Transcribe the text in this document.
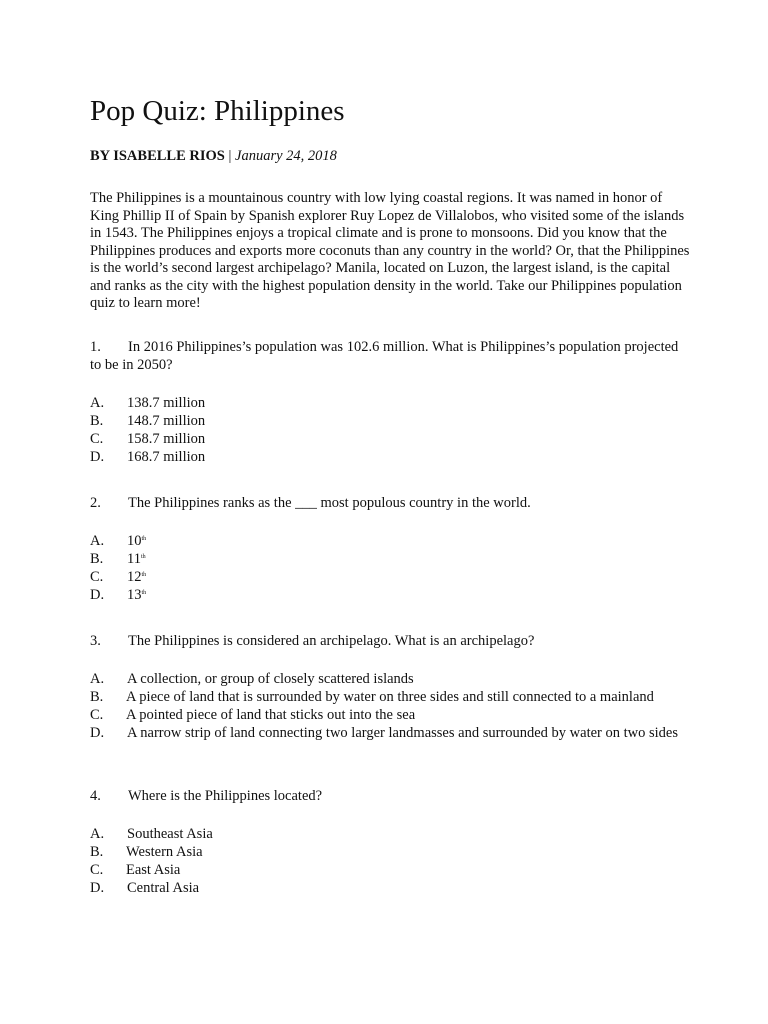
Pop Quiz: Philippines
BY ISABELLE RIOS | January 24, 2018

The Philippines is a mountainous country with low lying coastal regions. It was named in honor of King Phillip II of Spain by Spanish explorer Ruy Lopez de Villalobos, who visited some of the islands in 1543. The Philippines enjoys a tropical climate and is prone to monsoons. Did you know that the Philippines produces and exports more coconuts than any country in the world? Or, that the Philippines is the world’s second largest archipelago? Manila, located on Luzon, the largest island, is the capital and ranks as the city with the highest population density in the world. Take our Philippines population quiz to learn more!

1. In 2016 Philippines’s population was 102.6 million. What is Philippines’s population projected to be in 2050?

A. 138.7 million
B. 148.7 million
C. 158.7 million
D. 168.7 million

2. The Philippines ranks as the ___ most populous country in the world.

A. 10th
B. 11th
C. 12th
D. 13th

3. The Philippines is considered an archipelago. What is an archipelago?

A. A collection, or group of closely scattered islands
B. A piece of land that is surrounded by water on three sides and still connected to a mainland
C. A pointed piece of land that sticks out into the sea
D. A narrow strip of land connecting two larger landmasses and surrounded by water on two sides

4. Where is the Philippines located?

A. Southeast Asia
B. Western Asia
C. East Asia
D. Central Asia
